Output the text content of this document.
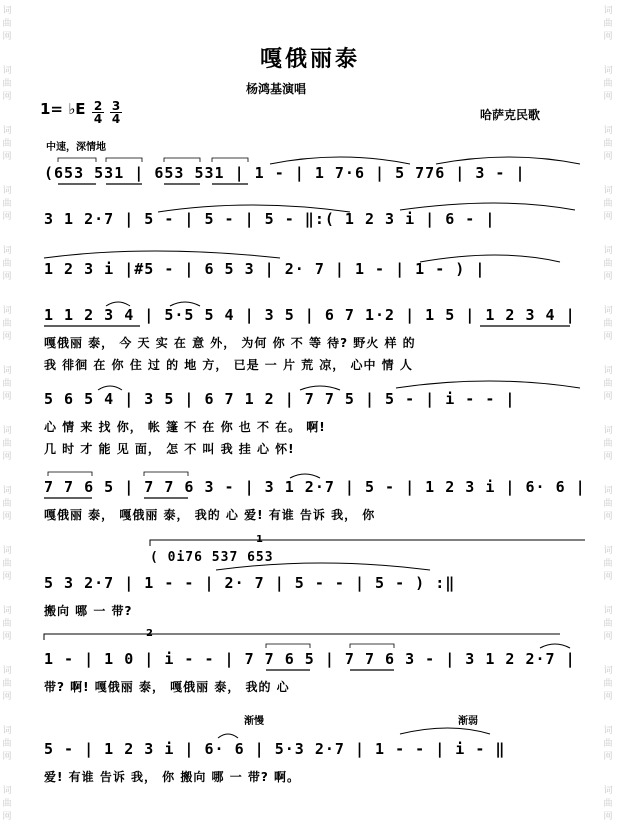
词
曲
网
词
曲
网
词
曲
网
词
曲
网
词
曲
网
词
曲
网
词
曲
网
词
曲
网
词
曲
网
词
曲
网
词
曲
网
词
曲
网
词
曲
网
词
曲
网
词
曲
网
词
曲
网
词
曲
网
词
曲
网
词
曲
网
词
曲
网
词
曲
网
词
曲
网
词
曲
网
词
曲
网
词
曲
网
词
曲
网
词
曲
网
词
曲
网
嘎俄丽泰
杨鸿基演唱
1= ♭E $\frac{2}{4} \frac{3}{4}$	哈萨克民歌
中速，深情地
(653 531 | 653 531 | 1 - | 1 7·6 | 5 776 | 3 - |
3 1 2·7 | 5 - | 5 - | 5 - ‖:( 1 2 3 i | 6 - |
1 2 3 i |#5 - | 6 5 3 | 2· 7 | 1 - | 1 - ) |
1 1 2 3 4 | 5·5 5 4 | 3 5 | 6 7 1·2 | 1 5 | 1 2 3 4 |
嘎俄丽 泰， 今 天 实 在 意 外， 为何 你 不 等 待? 野火 样 的
我 徘徊 在 你 住 过 的 地 方， 已是 一 片 荒 凉， 心中 情 人
5 6 5 4 | 3 5 | 6 7 1 2 | 7 7 5 | 5 - | i - - |
心 情 来 找 你， 帐 篷 不 在 你 也 不 在。 啊!
几 时 才 能 见 面， 怎 不 叫 我 挂 心 怀!
7 7 6 5 | 7 7 6 3 - | 3 1 2·7 | 5 - | 1 2 3 i | 6· 6 |
嘎俄丽 泰， 嘎俄丽 泰， 我的 心 爱! 有谁 告诉 我， 你
1
( 0i76 537 653
5 3 2·7 | 1 - - | 2· 7 | 5 - - | 5 - ) :‖
搬向 哪 一 带?
2
1 - | 1 0 | i - - | 7 7 6 5 | 7 7 6 3 - | 3 1 2 2·7 |
带? 啊! 嘎俄丽 泰， 嘎俄丽 泰， 我的 心
渐慢	渐弱
5 - | 1 2 3 i | 6· 6 | 5·3 2·7 | 1 - - | i - ‖
爱! 有谁 告诉 我， 你 搬向 哪 一 带? 啊。
